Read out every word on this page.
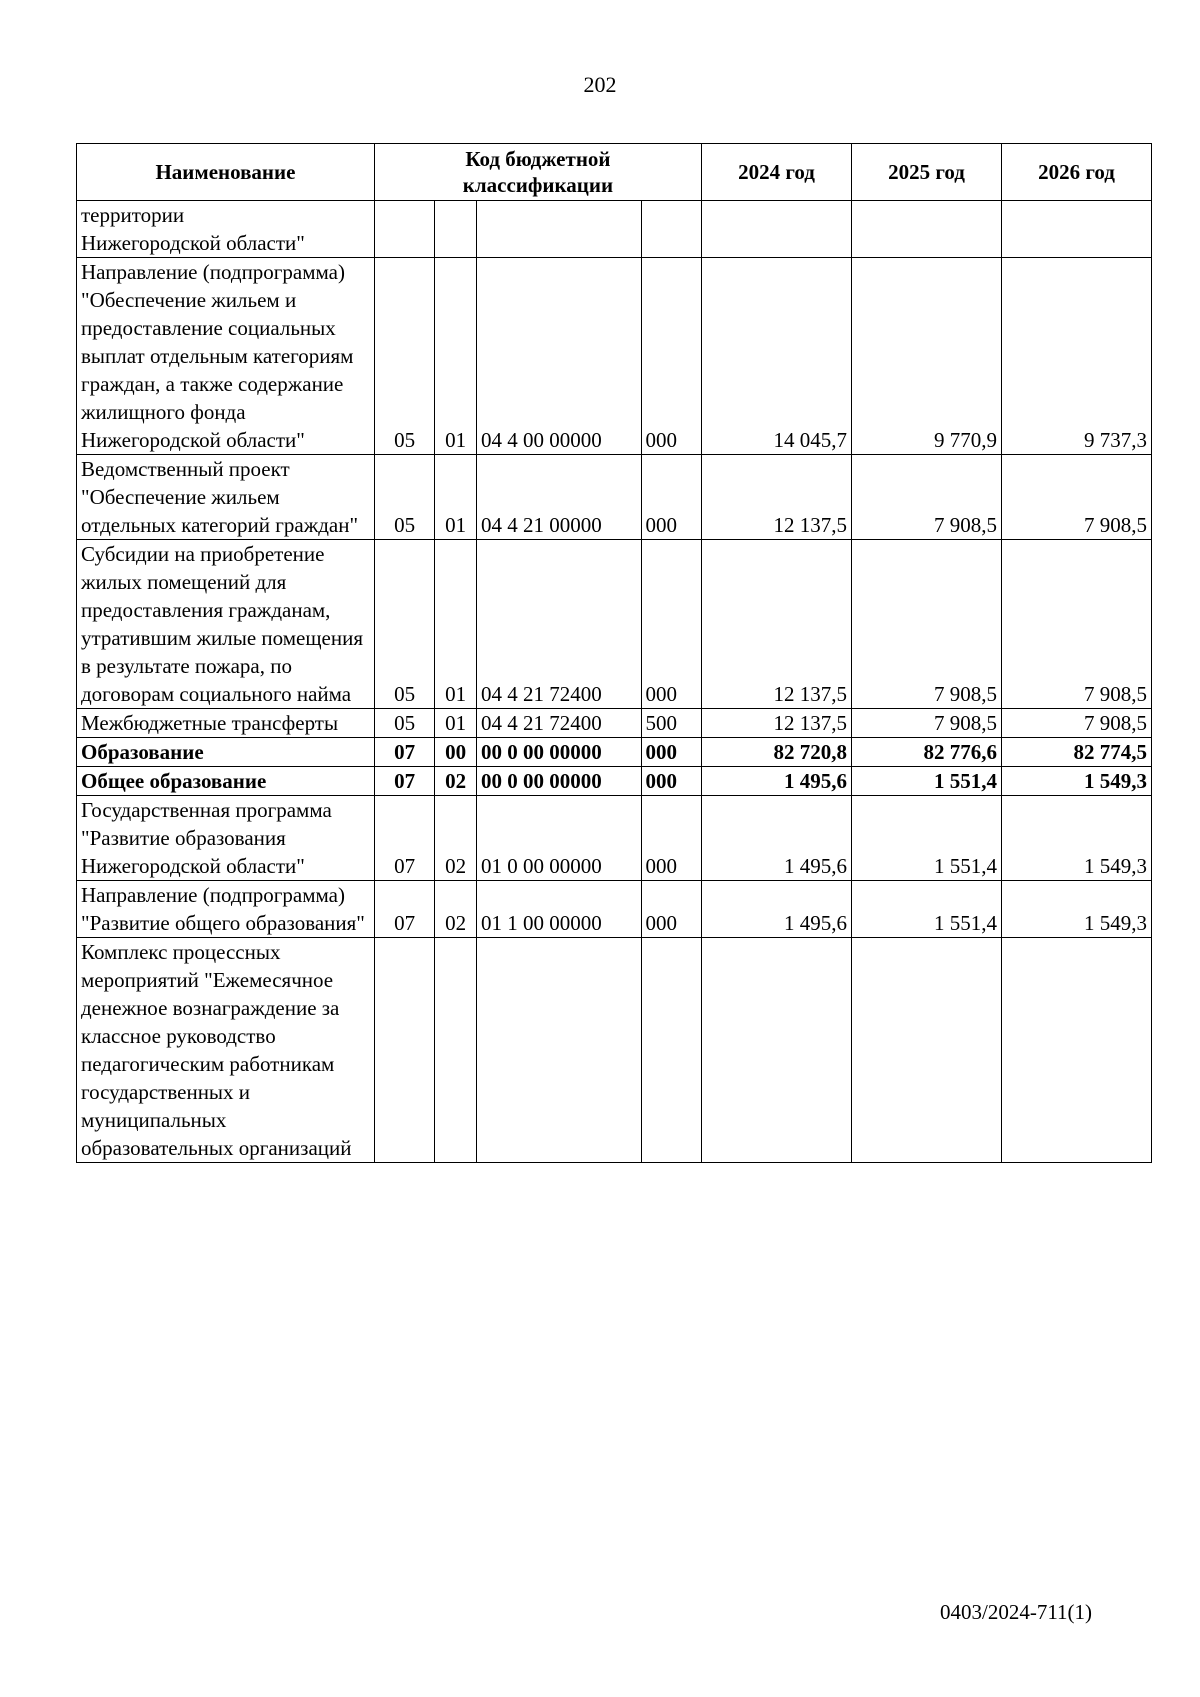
202
Наименование	Код бюджетной классификации				2024 год	2025 год	2026 год

территории
Нижегородской области"							

Направление (подпрограмма) "Обеспечение жильем и предоставление социальных выплат отдельным категориям граждан, а также содержание жилищного фонда Нижегородской области"	05	01	04 4 00 00000	000	14 045,7	9 770,9	9 737,3
Ведомственный проект "Обеспечение жильем отдельных категорий граждан"	05	01	04 4 21 00000	000	12 137,5	7 908,5	7 908,5
Субсидии на приобретение жилых помещений для предоставления гражданам, утратившим жилые помещения в результате пожара, по договорам социального найма	05	01	04 4 21 72400	000	12 137,5	7 908,5	7 908,5
Межбюджетные трансферты	05	01	04 4 21 72400	500	12 137,5	7 908,5	7 908,5
Образование	07	00	00 0 00 00000	000	82 720,8	82 776,6	82 774,5
Общее образование	07	02	00 0 00 00000	000	1 495,6	1 551,4	1 549,3
Государственная программа "Развитие образования Нижегородской области"	07	02	01 0 00 00000	000	1 495,6	1 551,4	1 549,3
Направление (подпрограмма) "Развитие общего образования"	07	02	01 1 00 00000	000	1 495,6	1 551,4	1 549,3
Комплекс процессных мероприятий "Ежемесячное денежное вознаграждение за классное руководство педагогическим работникам государственных и муниципальных образовательных организаций							
0403/2024-711(1)
